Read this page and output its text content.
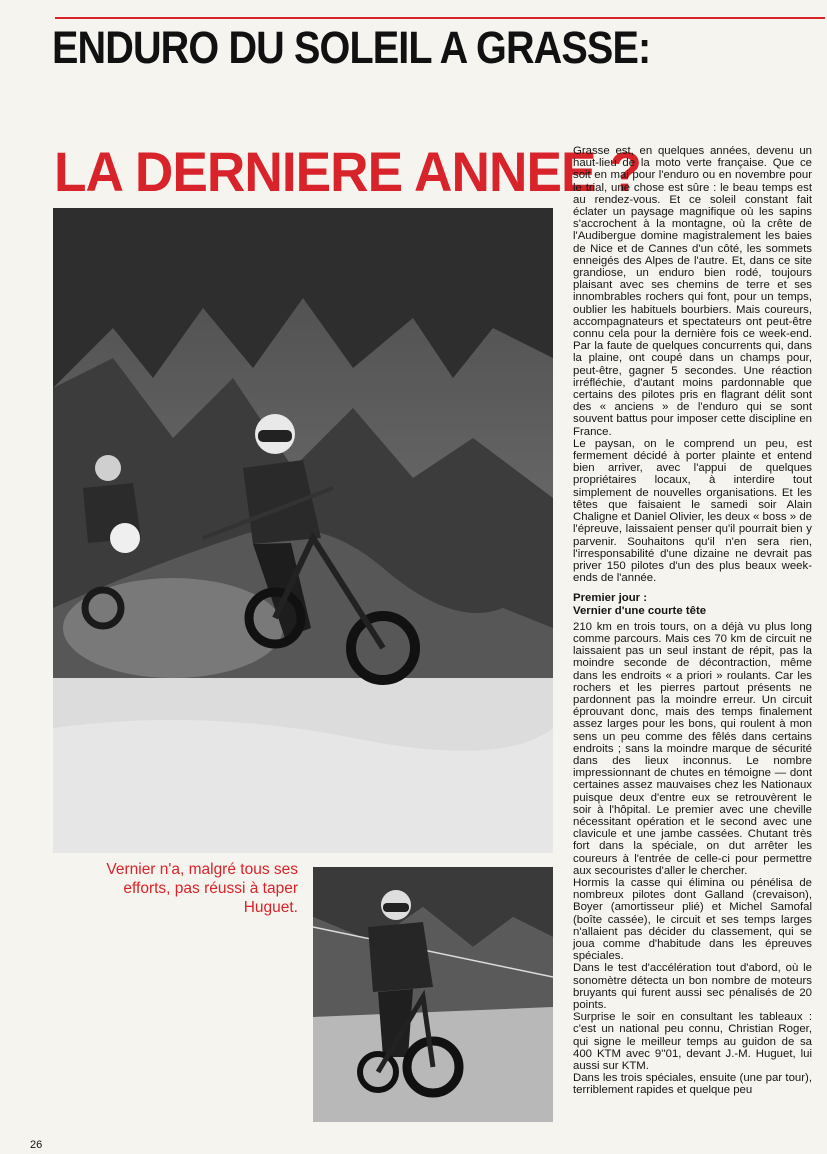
ENDURO DU SOLEIL A GRASSE:
LA DERNIERE ANNEE ?
Vernier n'a, malgré tous ses efforts, pas réussi à taper Huguet.

Grasse est, en quelques années, devenu un haut-lieu de la moto verte française. Que ce soit en mai pour l'enduro ou en novembre pour le trial, une chose est sûre : le beau temps est au rendez-vous. Et ce soleil constant fait éclater un paysage magnifique où les sapins s'accrochent à la montagne, où la crête de l'Audibergue domine magistralement les baies de Nice et de Cannes d'un côté, les sommets enneigés des Alpes de l'autre. Et, dans ce site grandiose, un enduro bien rodé, toujours plaisant avec ses chemins de terre et ses innombrables rochers qui font, pour un temps, oublier les habituels bourbiers. Mais coureurs, accompagnateurs et spectateurs ont peut-être connu cela pour la dernière fois ce week-end. Par la faute de quelques concurrents qui, dans la plaine, ont coupé dans un champs pour, peut-être, gagner 5 secondes. Une réaction irréfléchie, d'autant moins pardonnable que certains des pilotes pris en flagrant délit sont des « anciens » de l'enduro qui se sont souvent battus pour imposer cette discipline en France.

Le paysan, on le comprend un peu, est fermement décidé à porter plainte et entend bien arriver, avec l'appui de quelques propriétaires locaux, à interdire tout simplement de nouvelles organisations. Et les têtes que faisaient le samedi soir Alain Chaligne et Daniel Olivier, les deux « boss » de l'épreuve, laissaient penser qu'il pourrait bien y parvenir. Souhaitons qu'il n'en sera rien, l'irresponsabilité d'une dizaine ne devrait pas priver 150 pilotes d'un des plus beaux week-ends de l'année.

Premier jour :
Vernier d'une courte tête

210 km en trois tours, on a déjà vu plus long comme parcours. Mais ces 70 km de circuit ne laissaient pas un seul instant de répit, pas la moindre seconde de décontraction, même dans les endroits « a priori » roulants. Car les rochers et les pierres partout présents ne pardonnent pas la moindre erreur. Un circuit éprouvant donc, mais des temps finalement assez larges pour les bons, qui roulent à mon sens un peu comme des fêlés dans certains endroits ; sans la moindre marque de sécurité dans des lieux inconnus. Le nombre impressionnant de chutes en témoigne — dont certaines assez mauvaises chez les Nationaux puisque deux d'entre eux se retrouvèrent le soir à l'hôpital. Le premier avec une cheville nécessitant opération et le second avec une clavicule et une jambe cassées. Chutant très fort dans la spéciale, on dut arrêter les coureurs à l'entrée de celle-ci pour permettre aux secouristes d'aller le chercher.

Hormis la casse qui élimina ou pénélisa de nombreux pilotes dont Galland (crevaison), Boyer (amortisseur plié) et Michel Samofal (boîte cassée), le circuit et ses temps larges n'allaient pas décider du classement, qui se joua comme d'habitude dans les épreuves spéciales.

Dans le test d'accélération tout d'abord, où le sonomètre détecta un bon nombre de moteurs bruyants qui furent aussi sec pénalisés de 20 points.

Surprise le soir en consultant les tableaux : c'est un national peu connu, Christian Roger, qui signe le meilleur temps au guidon de sa 400 KTM avec 9''01, devant J.-M. Huguet, lui aussi sur KTM.

Dans les trois spéciales, ensuite (une par tour), terriblement rapides et quelque peu

26
